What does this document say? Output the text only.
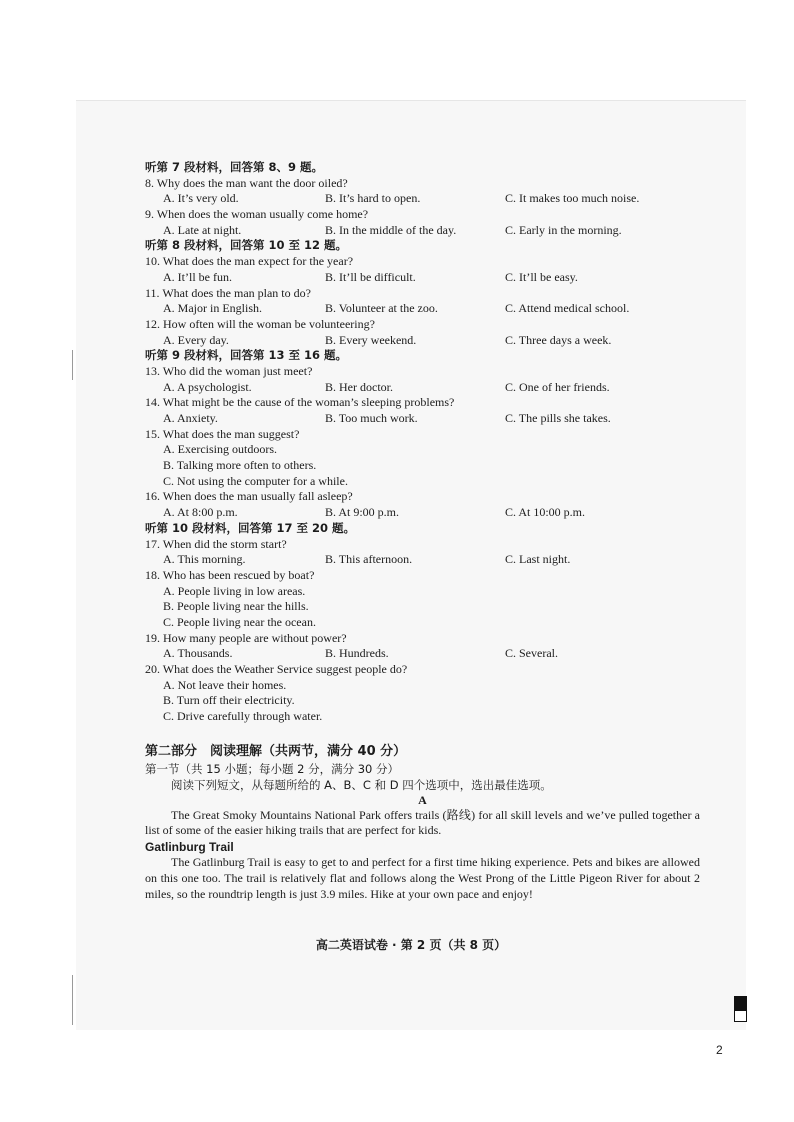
听第 7 段材料，回答第 8、9 题。
8. Why does the man want the door oiled?
A. It’s very old.	B. It’s hard to open.	C. It makes too much noise.
9. When does the woman usually come home?
A. Late at night.	B. In the middle of the day.	C. Early in the morning.
听第 8 段材料，回答第 10 至 12 题。
10. What does the man expect for the year?
A. It’ll be fun.	B. It’ll be difficult.	C. It’ll be easy.
11. What does the man plan to do?
A. Major in English.	B. Volunteer at the zoo.	C. Attend medical school.
12. How often will the woman be volunteering?
A. Every day.	B. Every weekend.	C. Three days a week.
听第 9 段材料，回答第 13 至 16 题。
13. Who did the woman just meet?
A. A psychologist.	B. Her doctor.	C. One of her friends.
14. What might be the cause of the woman’s sleeping problems?
A. Anxiety.	B. Too much work.	C. The pills she takes.
15. What does the man suggest?
A. Exercising outdoors.
B. Talking more often to others.
C. Not using the computer for a while.
16. When does the man usually fall asleep?
A. At 8:00 p.m.	B. At 9:00 p.m.	C. At 10:00 p.m.
听第 10 段材料，回答第 17 至 20 题。
17. When did the storm start?
A. This morning.	B. This afternoon.	C. Last night.
18. Who has been rescued by boat?
A. People living in low areas.
B. People living near the hills.
C. People living near the ocean.
19. How many people are without power?
A. Thousands.	B. Hundreds.	C. Several.
20. What does the Weather Service suggest people do?
A. Not leave their homes.
B. Turn off their electricity.
C. Drive carefully through water.
第二部分　阅读理解（共两节，满分 40 分）
第一节（共 15 小题；每小题 2 分，满分 30 分）
阅读下列短文，从每题所给的 A、B、C 和 D 四个选项中，选出最佳选项。
A

The Great Smoky Mountains National Park offers trails (路线) for all skill levels and we’ve pulled together a list of some of the easier hiking trails that are perfect for kids.

Gatlinburg Trail

The Gatlinburg Trail is easy to get to and perfect for a first time hiking experience. Pets and bikes are allowed on this one too. The trail is relatively flat and follows along the West Prong of the Little Pigeon River for about 2 miles, so the roundtrip length is just 3.9 miles. Hike at your own pace and enjoy!

高二英语试卷 · 第 2 页（共 8 页）
2
